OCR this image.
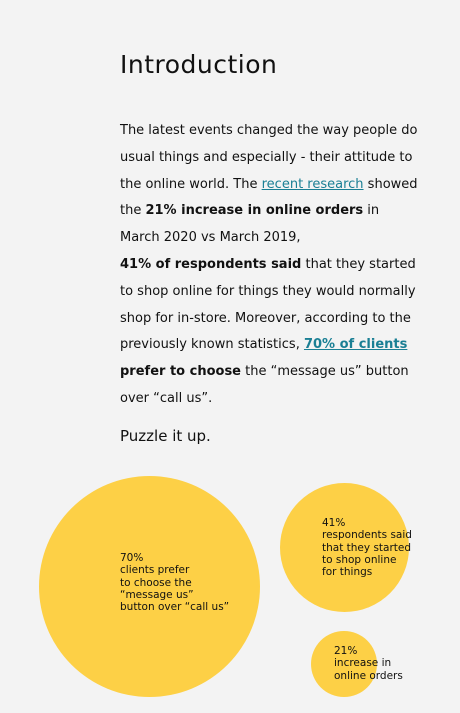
Introduction
The latest events changed the way people do usual things and especially - their attitude to the online world. The recent research showed the 21% increase in online orders in March 2020 vs March 2019,
41% of respondents said that they started to shop online for things they would normally shop for in-store. Moreover, according to the previously known statistics, 70% of clients prefer to choose the “message us” button over “call us”.
Puzzle it up.
70%
clients prefer
to choose the
“message us”
button over “call us”
41%
respondents said
that they started
to shop online
for things
21%
increase in
online orders
